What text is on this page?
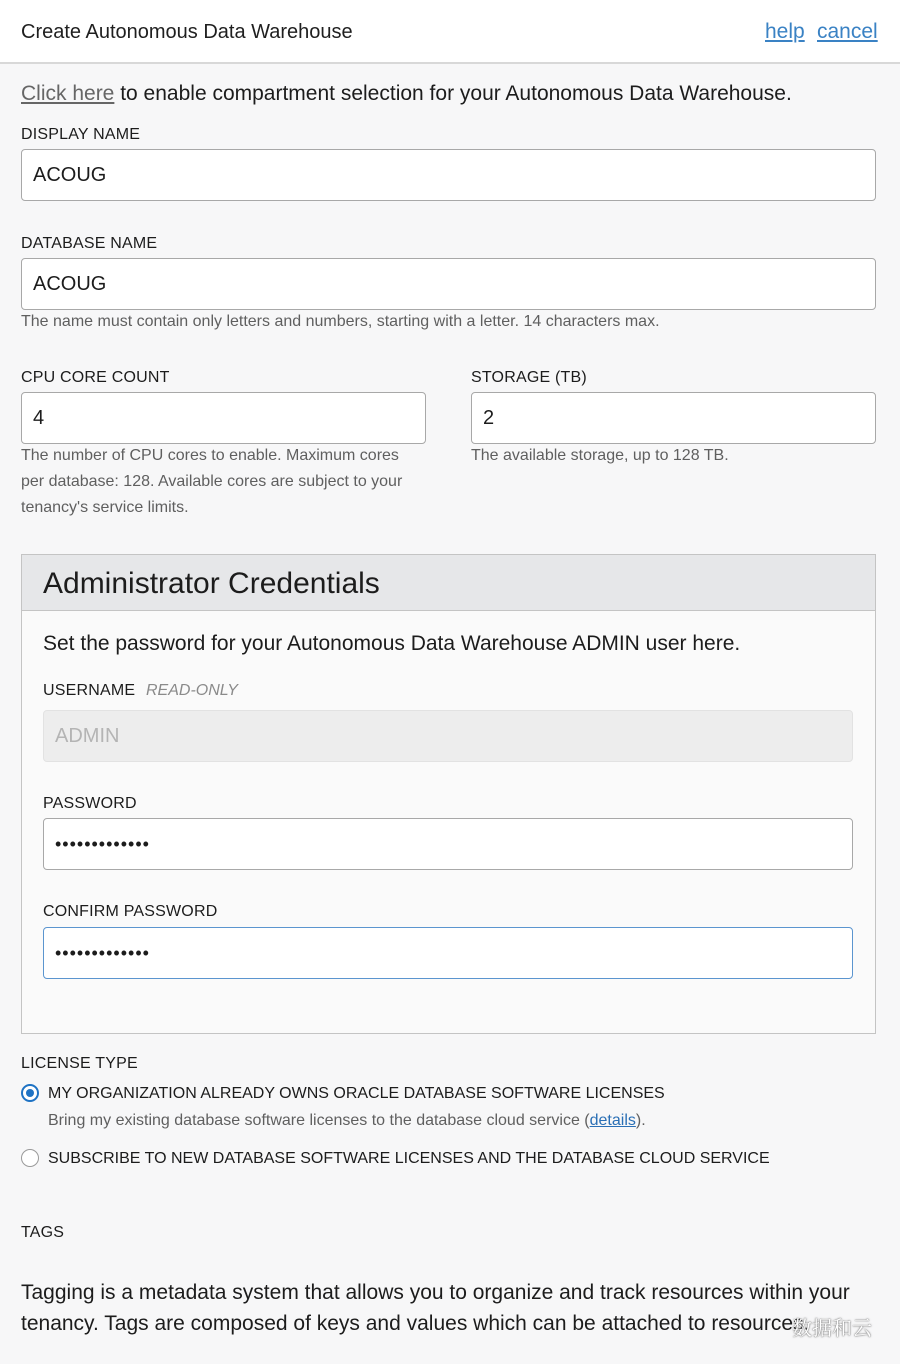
Create Autonomous Data Warehouse	help cancel
Click here to enable compartment selection for your Autonomous Data Warehouse.
DISPLAY NAME
ACOUG
DATABASE NAME
ACOUG
The name must contain only letters and numbers, starting with a letter. 14 characters max.
CPU CORE COUNT
4
The number of CPU cores to enable. Maximum cores per database: 128. Available cores are subject to your tenancy's service limits.
STORAGE (TB)
2
The available storage, up to 128 TB.
Administrator Credentials
Set the password for your Autonomous Data Warehouse ADMIN user here.
USERNAME READ-ONLY
ADMIN
PASSWORD
•••••••••••••
CONFIRM PASSWORD
•••••••••••••
LICENSE TYPE
MY ORGANIZATION ALREADY OWNS ORACLE DATABASE SOFTWARE LICENSES
Bring my existing database software licenses to the database cloud service (details).
SUBSCRIBE TO NEW DATABASE SOFTWARE LICENSES AND THE DATABASE CLOUD SERVICE
TAGS
Tagging is a metadata system that allows you to organize and track resources within your
tenancy. Tags are composed of keys and values which can be attached to resources.
数据和云
